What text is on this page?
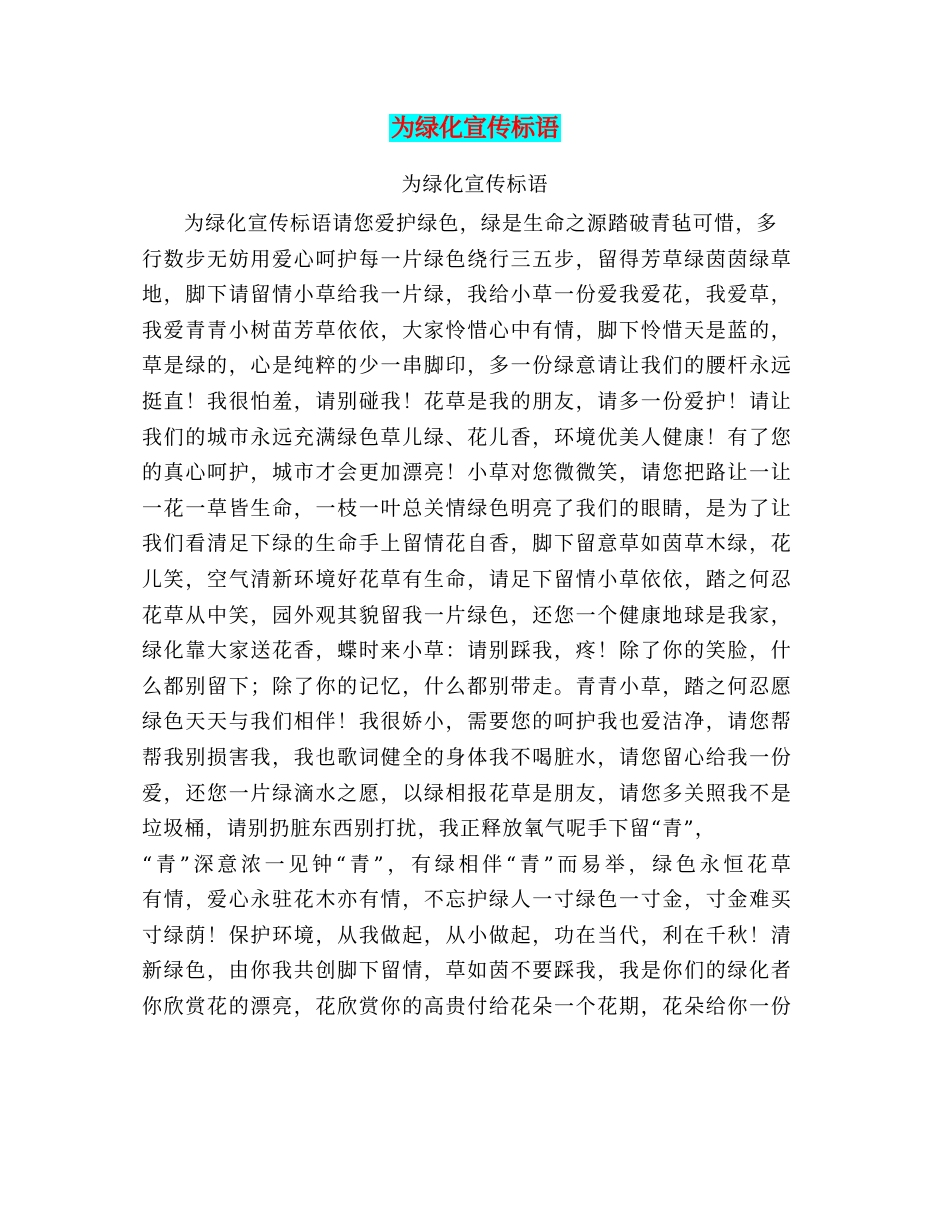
为绿化宣传标语
为绿化宣传标语
为绿化宣传标语请您爱护绿色，绿是生命之源踏破青毡可惜，多
行数步无妨用爱心呵护每一片绿色绕行三五步，留得芳草绿茵茵绿草
地，脚下请留情小草给我一片绿，我给小草一份爱我爱花，我爱草，
我爱青青小树苗芳草依依，大家怜惜心中有情，脚下怜惜天是蓝的，
草是绿的，心是纯粹的少一串脚印，多一份绿意请让我们的腰杆永远
挺直！我很怕羞，请别碰我！花草是我的朋友，请多一份爱护！请让
我们的城市永远充满绿色草儿绿、花儿香，环境优美人健康！有了您
的真心呵护，城市才会更加漂亮！小草对您微微笑，请您把路让一让
一花一草皆生命，一枝一叶总关情绿色明亮了我们的眼睛，是为了让
我们看清足下绿的生命手上留情花自香，脚下留意草如茵草木绿，花
儿笑，空气清新环境好花草有生命，请足下留情小草依依，踏之何忍
花草从中笑，园外观其貌留我一片绿色，还您一个健康地球是我家，
绿化靠大家送花香，蝶时来小草：请别踩我，疼！除了你的笑脸，什
么都别留下；除了你的记忆，什么都别带走。青青小草，踏之何忍愿
绿色天天与我们相伴！我很娇小，需要您的呵护我也爱洁净，请您帮
帮我别损害我，我也歌词健全的身体我不喝脏水，请您留心给我一份
爱，还您一片绿滴水之愿，以绿相报花草是朋友，请您多关照我不是
垃圾桶，请别扔脏东西别打扰，我正释放氧气呢手下留“青”，
“青”深意浓一见钟“青”，有绿相伴“青”而易举，绿色永恒花草
有情，爱心永驻花木亦有情，不忘护绿人一寸绿色一寸金，寸金难买
寸绿荫！保护环境，从我做起，从小做起，功在当代，利在千秋！清
新绿色，由你我共创脚下留情，草如茵不要踩我，我是你们的绿化者
你欣赏花的漂亮，花欣赏你的高贵付给花朵一个花期，花朵给你一份
